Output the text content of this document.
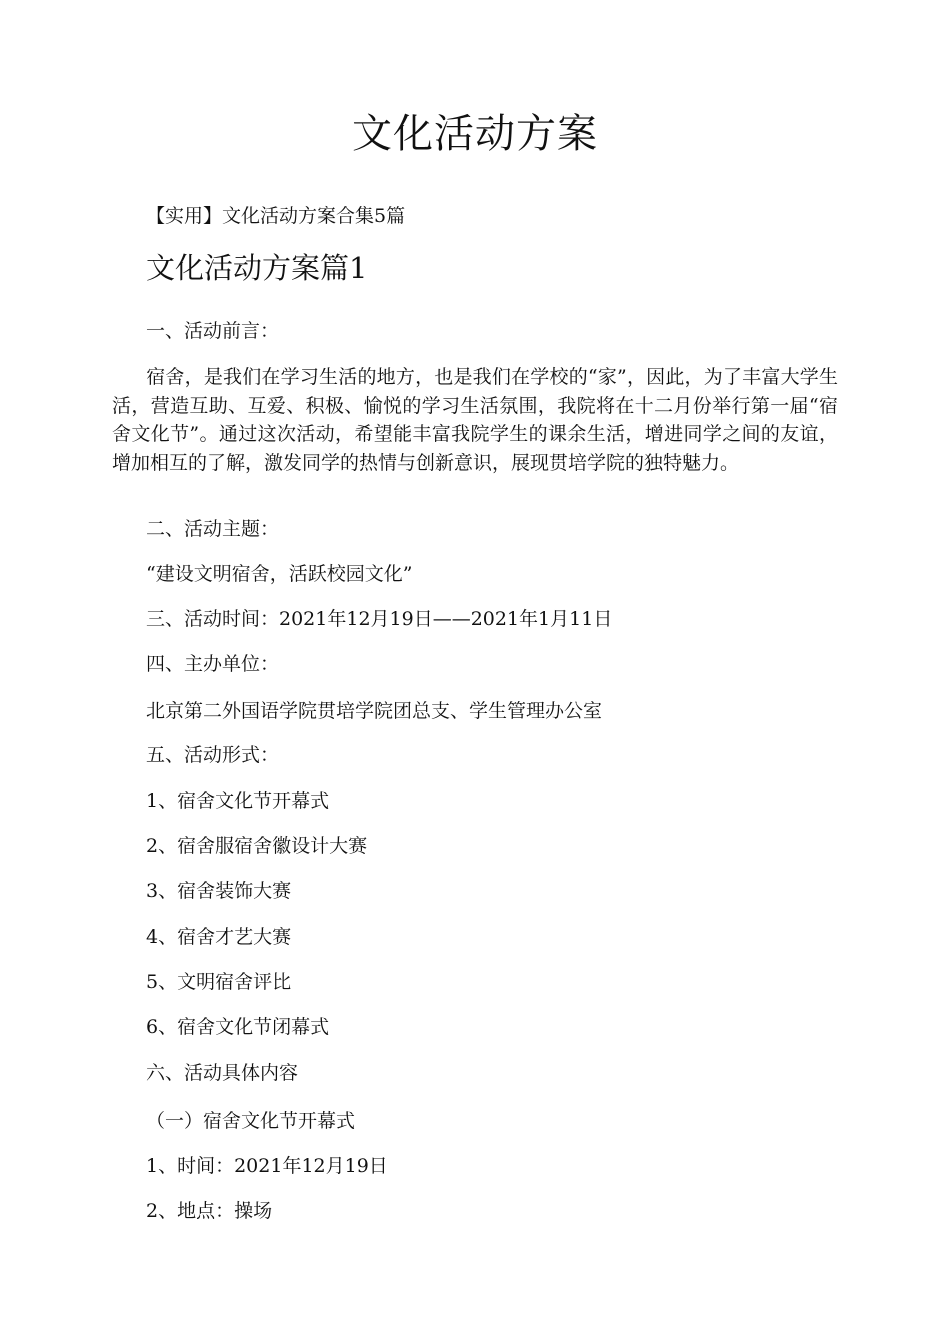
文化活动方案
【实用】文化活动方案合集5篇
文化活动方案篇1
一、活动前言：
宿舍，是我们在学习生活的地方，也是我们在学校的“家”，因此，为了丰富大学生活，营造互助、互爱、积极、愉悦的学习生活氛围，我院将在十二月份举行第一届“宿舍文化节”。通过这次活动，希望能丰富我院学生的课余生活，增进同学之间的友谊，增加相互的了解，激发同学的热情与创新意识，展现贯培学院的独特魅力。
二、活动主题：
“建设文明宿舍，活跃校园文化”
三、活动时间：2021年12月19日——2021年1月11日
四、主办单位：
北京第二外国语学院贯培学院团总支、学生管理办公室
五、活动形式：
1、宿舍文化节开幕式
2、宿舍服宿舍徽设计大赛
3、宿舍装饰大赛
4、宿舍才艺大赛
5、文明宿舍评比
6、宿舍文化节闭幕式
六、活动具体内容
（一）宿舍文化节开幕式
1、时间：2021年12月19日
2、地点：操场
